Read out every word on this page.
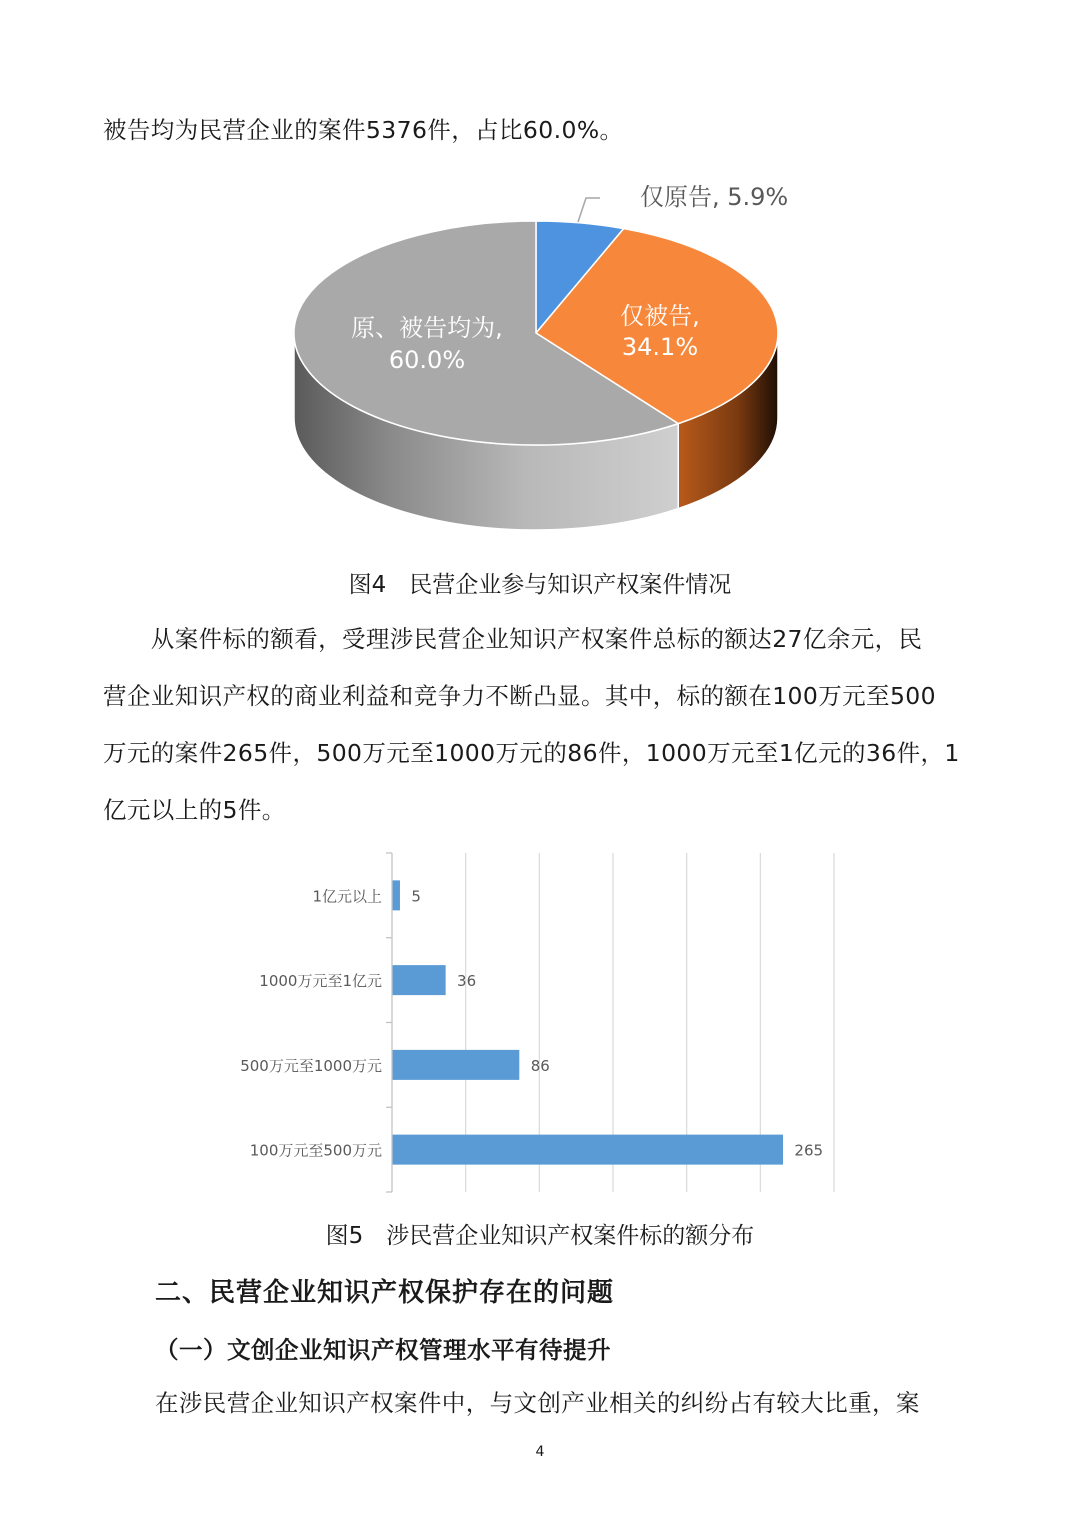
被告均为民营企业的案件5376件，占比60.0%。

仅原告, 5.9%
仅被告,
34.1%
原、被告均为,
60.0%

图4　民营企业参与知识产权案件情况

　　从案件标的额看，受理涉民营企业知识产权案件总标的额达27亿余元，民

营企业知识产权的商业利益和竞争力不断凸显。其中，标的额在100万元至500

万元的案件265件，500万元至1000万元的86件，1000万元至1亿元的36件，1

亿元以上的5件。

1亿元以上 5
1000万元至1亿元	36
500万元至1000万元	86
100万元至500万元	265

图5　涉民营企业知识产权案件标的额分布

二、民营企业知识产权保护存在的问题

（一）文创企业知识产权管理水平有待提升

在涉民营企业知识产权案件中，与文创产业相关的纠纷占有较大比重，案

4
